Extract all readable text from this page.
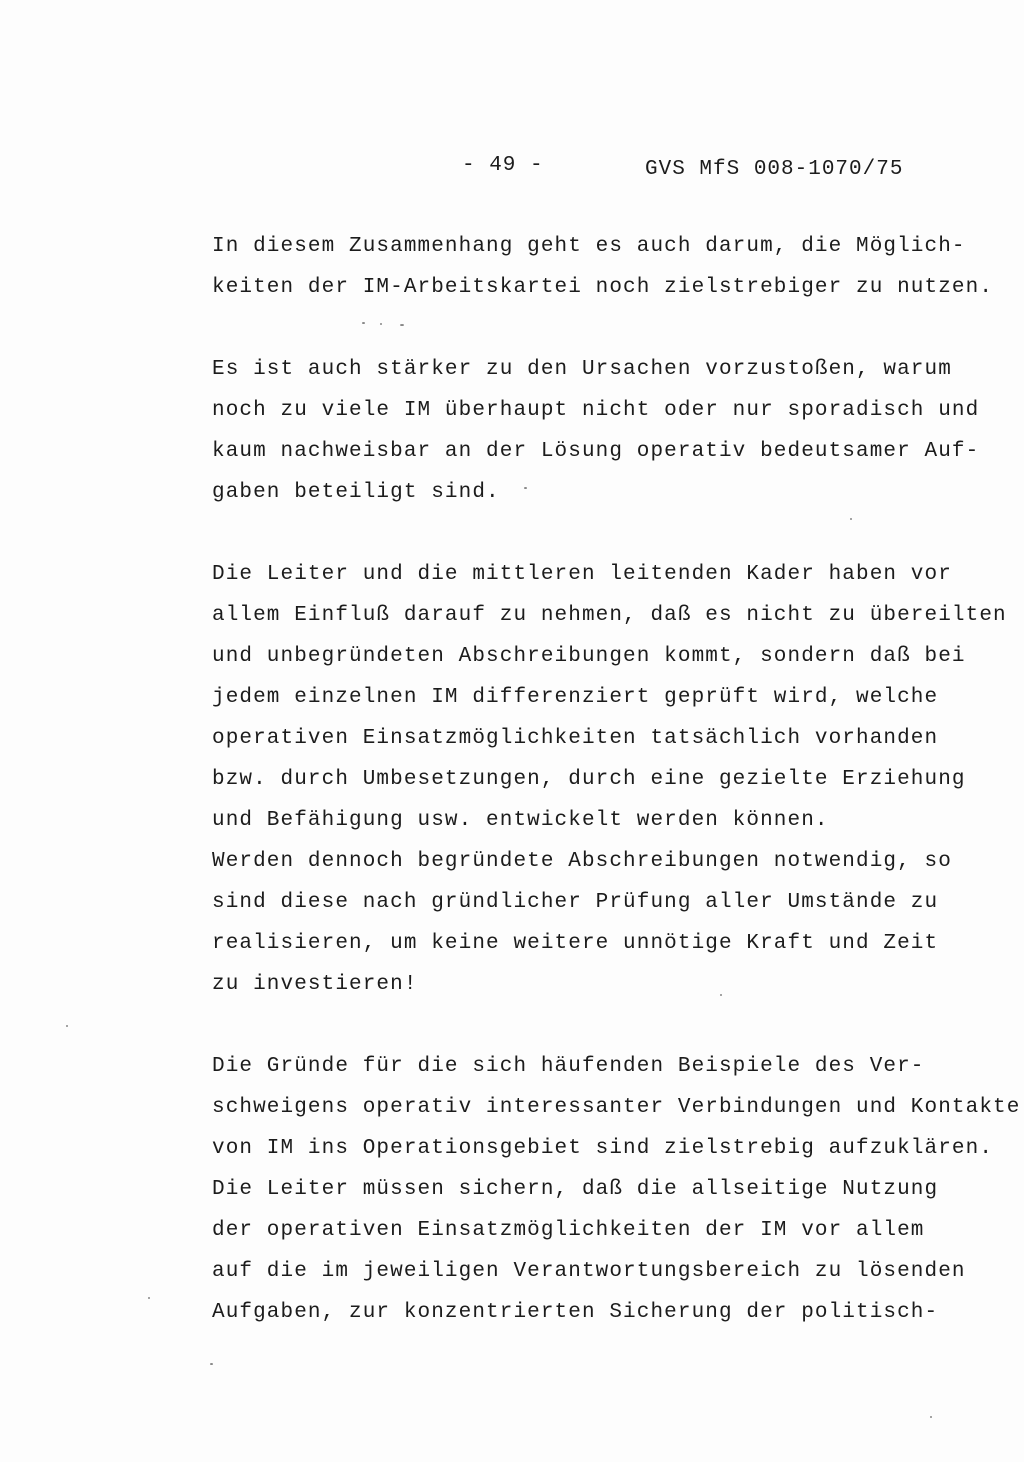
- 49 -	GVS MfS 008-1070/75
In diesem Zusammenhang geht es auch darum, die Möglich-
keiten der IM-Arbeitskartei noch zielstrebiger zu nutzen.
Es ist auch stärker zu den Ursachen vorzustoßen, warum
noch zu viele IM überhaupt nicht oder nur sporadisch und
kaum nachweisbar an der Lösung operativ bedeutsamer Auf-
gaben beteiligt sind.
Die Leiter und die mittleren leitenden Kader haben vor
allem Einfluß darauf zu nehmen, daß es nicht zu übereilten
und unbegründeten Abschreibungen kommt, sondern daß bei
jedem einzelnen IM differenziert geprüft wird, welche
operativen Einsatzmöglichkeiten tatsächlich vorhanden
bzw. durch Umbesetzungen, durch eine gezielte Erziehung
und Befähigung usw. entwickelt werden können.
Werden dennoch begründete Abschreibungen notwendig, so
sind diese nach gründlicher Prüfung aller Umstände zu
realisieren, um keine weitere unnötige Kraft und Zeit
zu investieren!
Die Gründe für die sich häufenden Beispiele des Ver-
schweigens operativ interessanter Verbindungen und Kontakte
von IM ins Operationsgebiet sind zielstrebig aufzuklären.
Die Leiter müssen sichern, daß die allseitige Nutzung
der operativen Einsatzmöglichkeiten der IM vor allem
auf die im jeweiligen Verantwortungsbereich zu lösenden
Aufgaben, zur konzentrierten Sicherung der politisch-
